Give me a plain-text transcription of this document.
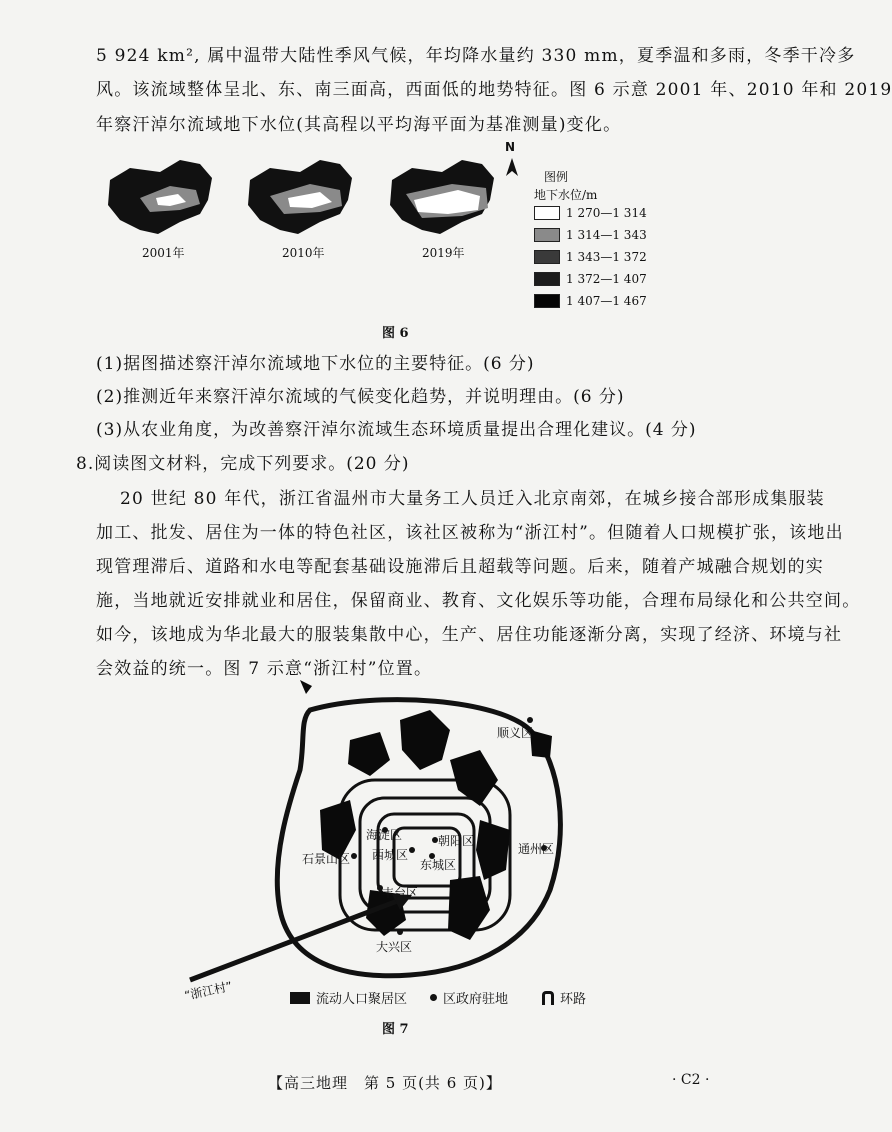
5 924 km², 属中温带大陆性季风气候，年均降水量约 330 mm，夏季温和多雨，冬季干冷多
风。该流域整体呈北、东、南三面高，西面低的地势特征。图 6 示意 2001 年、2010 年和 2019
年察汗淖尔流域地下水位(其高程以平均海平面为基准测量)变化。
2001年	2010年	2019年
N
图例
地下水位/m
1 270—1 314
1 314—1 343
1 343—1 372
1 372—1 407
1 407—1 467
图 6
(1)据图描述察汗淖尔流域地下水位的主要特征。(6 分)
(2)推测近年来察汗淖尔流域的气候变化趋势，并说明理由。(6 分)
(3)从农业角度，为改善察汗淖尔流域生态环境质量提出合理化建议。(4 分)
8.阅读图文材料，完成下列要求。(20 分)
20 世纪 80 年代，浙江省温州市大量务工人员迁入北京南郊，在城乡接合部形成集服装
加工、批发、居住为一体的特色社区，该社区被称为“浙江村”。但随着人口规模扩张，该地出
现管理滞后、道路和水电等配套基础设施滞后且超载等问题。后来，随着产城融合规划的实
施，当地就近安排就业和居住，保留商业、教育、文化娱乐等功能，合理布局绿化和公共空间。
如今，该地成为华北最大的服装集散中心，生产、居住功能逐渐分离，实现了经济、环境与社
会效益的统一。图 7 示意“浙江村”位置。
顺义区
海淀区	朝阳区
西城区
东城区
石景山区
通州区
丰台区
大兴区
“浙江村”	流动人口聚居区	区政府驻地	环路
图 7
【高三地理　第 5 页(共 6 页)】	· C2 ·
